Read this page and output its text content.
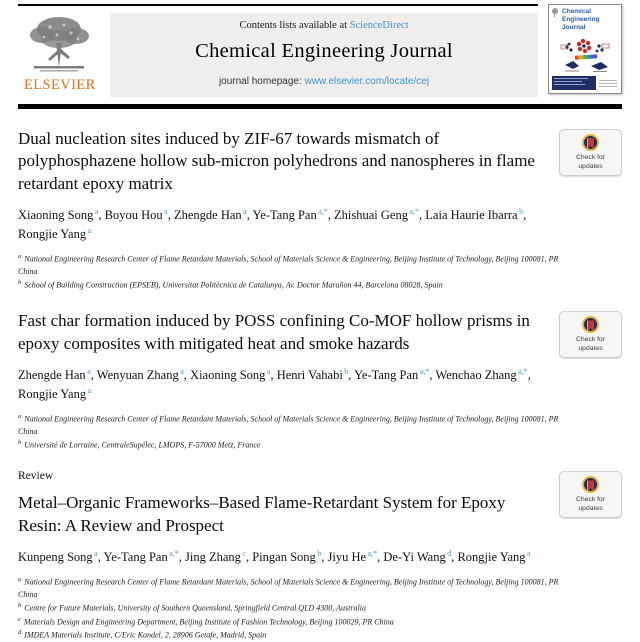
ELSEVIER
Contents lists available at ScienceDirect
Chemical Engineering Journal
journal homepage: www.elsevier.com/locate/cej
Chemical Engineering Journal
Check for
updates
Dual nucleation sites induced by ZIF-67 towards mismatch of polyphosphazene hollow sub-micron polyhedrons and nanospheres in flame retardant epoxy matrix
Xiaoning Song $^a$, Boyou Hou $^a$, Zhengde Han $^a$, Ye-Tang Pan $^{a,*}$, Zhishuai Geng $^{a,*}$, Laia Haurie Ibarra $^b$, Rongjie Yang $^a$
$^a$ National Engineering Research Center of Flame Retardant Materials, School of Materials Science & Engineering, Beijing Institute of Technology, Beijing 100081, PR China
$^b$ School of Building Construction (EPSEB), Universitat Politècnica de Catalunya, Av. Doctor Marañon 44, Barcelona 08028, Spain
Check for
updates
Fast char formation induced by POSS confining Co-MOF hollow prisms in epoxy composites with mitigated heat and smoke hazards
Zhengde Han $^a$, Wenyuan Zhang $^a$, Xiaoning Song $^a$, Henri Vahabi $^b$, Ye-Tang Pan $^{a,*}$, Wenchao Zhang $^{a,*}$, Rongjie Yang $^a$
$^a$ National Engineering Research Center of Flame Retardant Materials, School of Materials Science & Engineering, Beijing Institute of Technology, Beijing 100081, PR China
$^b$ Université de Lorraine, CentraleSupélec, LMOPS, F-57000 Metz, France
Check for
updates
Review
Metal–Organic Frameworks–Based Flame-Retardant System for Epoxy Resin: A Review and Prospect
Kunpeng Song $^a$, Ye-Tang Pan $^{a,*}$, Jing Zhang $^c$, Pingan Song $^b$, Jiyu He $^{a,*}$, De-Yi Wang $^d$, Rongjie Yang $^a$
$^a$ National Engineering Research Center of Flame Retardant Materials, School of Materials Science & Engineering, Beijing Institute of Technology, Beijing 100081, PR China
$^b$ Centre for Future Materials, University of Southern Queensland, Springfield Central QLD 4300, Australia
$^c$ Materials Design and Engineering Department, Beijing Institute of Fashion Technology, Beijing 100029, PR China
$^d$ IMDEA Materials Institute, C/Eric Kandel, 2, 28906 Getafe, Madrid, Spain
